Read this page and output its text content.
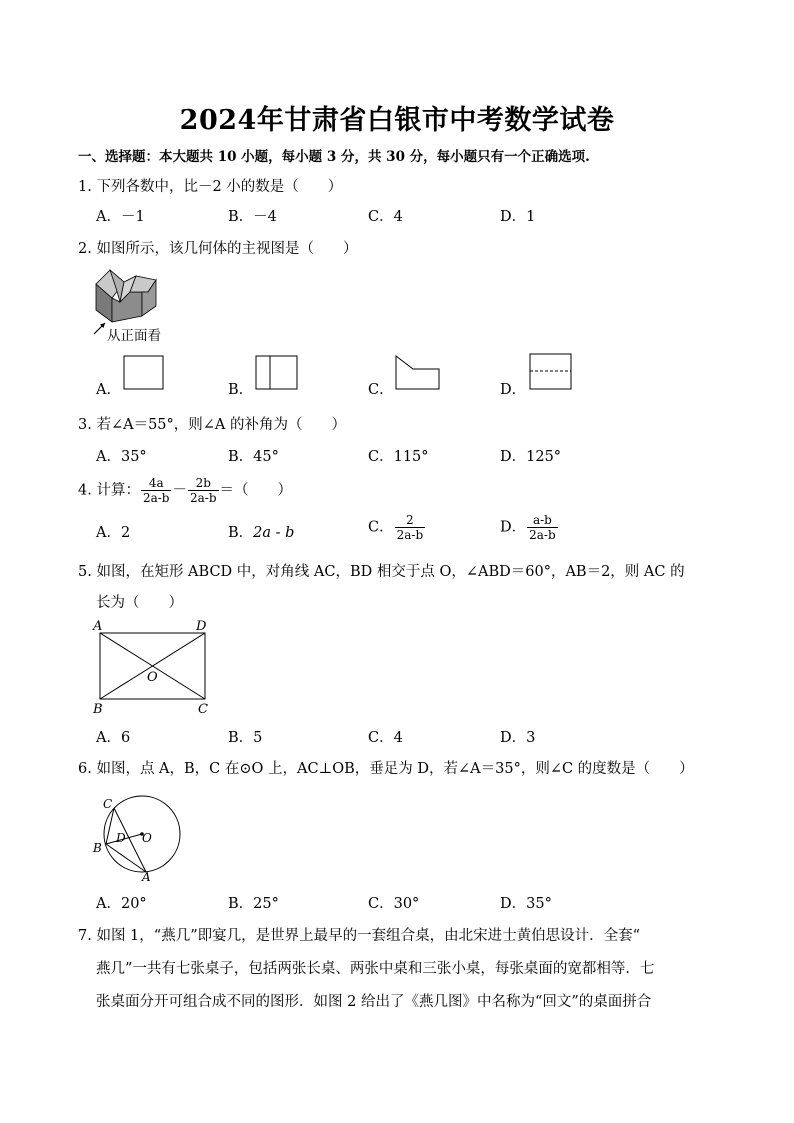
2024年甘肃省白银市中考数学试卷
一、选择题：本大题共 10 小题，每小题 3 分，共 30 分，每小题只有一个正确选项.
1. 下列各数中，比－2 小的数是（　　）
A．－1	B．－4	C．4	D．1
2. 如图所示，该几何体的主视图是（　　）
从正面看
A．	B．	C．	D．
3. 若∠A＝55°，则∠A 的补角为（　　）
A．35°	B．45°	C．115°	D．125°
4. 计算： $\frac{4a}{2a-b} - \frac{2b}{2a-b}$ ＝（　　）
A．2	B．2a - b	C． $\frac{2}{2a-b}$	D． $\frac{a-b}{2a-b}$
5. 如图，在矩形 ABCD 中，对角线 AC，BD 相交于点 O，∠ABD＝60°，AB＝2，则 AC 的
长为（　　）
A	D
O
B	C
A．6	B．5	C．4	D．3
6. 如图，点 A，B，C 在⊙O 上，AC⊥OB，垂足为 D，若∠A＝35°，则∠C 的度数是（　　）
C
D O
B
A
A．20°	B．25°	C．30°	D．35°
7. 如图 1，“燕几”即宴几，是世界上最早的一套组合桌，由北宋进士黄伯思设计．全套“
燕几”一共有七张桌子，包括两张长桌、两张中桌和三张小桌，每张桌面的宽都相等．七
张桌面分开可组合成不同的图形．如图 2 给出了《燕几图》中名称为“回文”的桌面拼合
